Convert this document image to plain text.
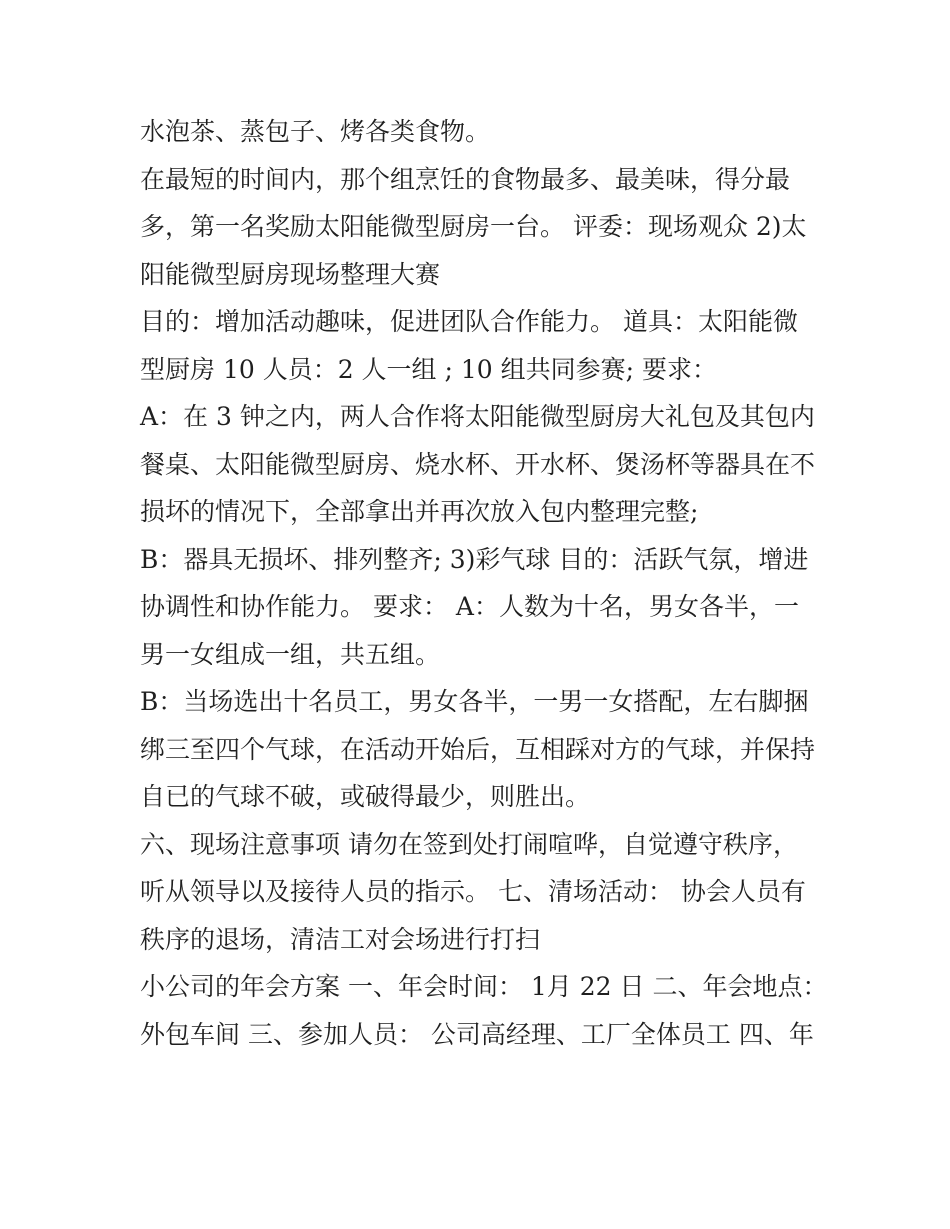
水泡茶、蒸包子、烤各类食物。
在最短的时间内，那个组烹饪的食物最多、最美味，得分最
多，第一名奖励太阳能微型厨房一台。 评委：现场观众 2)太
阳能微型厨房现场整理大赛
目的：增加活动趣味，促进团队合作能力。 道具：太阳能微
型厨房 10 人员：2 人一组 ; 10 组共同参赛; 要求：
A：在 3 钟之内，两人合作将太阳能微型厨房大礼包及其包内
餐桌、太阳能微型厨房、烧水杯、开水杯、煲汤杯等器具在不
损坏的情况下，全部拿出并再次放入包内整理完整;
B：器具无损坏、排列整齐; 3)彩气球 目的：活跃气氛，增进
协调性和协作能力。 要求： A：人数为十名，男女各半，一
男一女组成一组，共五组。
B：当场选出十名员工，男女各半，一男一女搭配，左右脚捆
绑三至四个气球，在活动开始后，互相踩对方的气球，并保持
自已的气球不破，或破得最少，则胜出。
六、现场注意事项 请勿在签到处打闹喧哗，自觉遵守秩序，
听从领导以及接待人员的指示。 七、清场活动： 协会人员有
秩序的退场，清洁工对会场进行打扫
小公司的年会方案 一、年会时间： 1月 22 日 二、年会地点：
外包车间 三、参加人员： 公司高经理、工厂全体员工 四、年
